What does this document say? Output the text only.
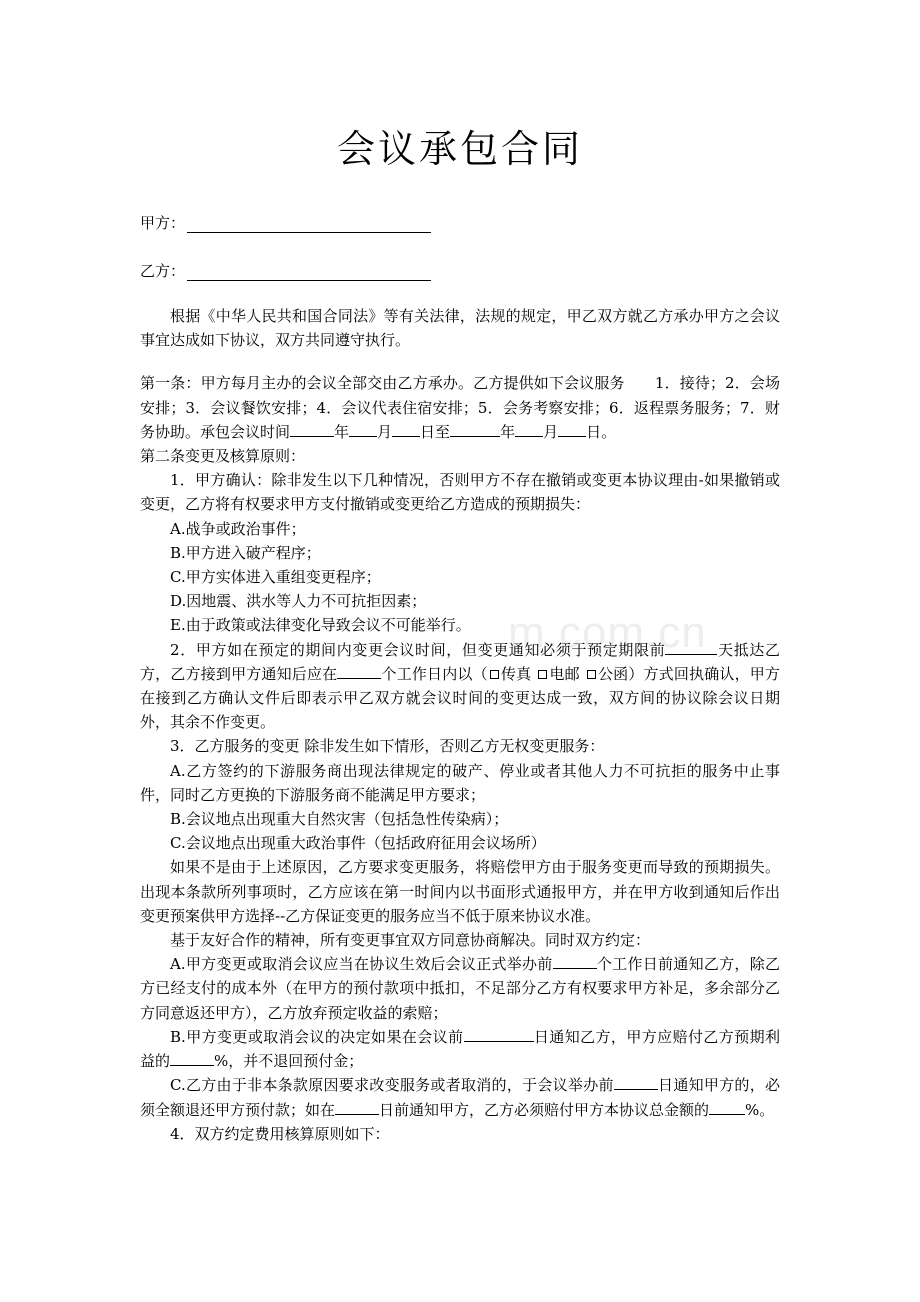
会议承包合同
甲方：
乙方：
m.com.cn

根据《中华人民共和国合同法》等有关法律，法规的规定，甲乙双方就乙方承办甲方之会议事宜达成如下协议，双方共同遵守执行。

第一条：甲方每月主办的会议全部交由乙方承办。乙方提供如下会议服务　　1．接待；2．会场安排；3．会议餐饮安排；4．会议代表住宿安排；5．会务考察安排；6．返程票务服务；7．财务协助。承包会议时间	年 月 日至	年 月 日。

第二条变更及核算原则：

1．甲方确认：除非发生以下几种情况，否则甲方不存在撤销或变更本协议理由-如果撤销或变更，乙方将有权要求甲方支付撤销或变更给乙方造成的预期损失：

A.战争或政治事件；

B.甲方进入破产程序；

C.甲方实体进入重组变更程序；

D.因地震、洪水等人力不可抗拒因素；

E.由于政策或法律变化导致会议不可能举行。

2．甲方如在预定的期间内变更会议时间，但变更通知必须于预定期限前	天抵达乙方，乙方接到甲方通知后应在	个工作日内以（ 传真 电邮 公函）方式回执确认，甲方在接到乙方确认文件后即表示甲乙双方就会议时间的变更达成一致，双方间的协议除会议日期外，其余不作变更。

3．乙方服务的变更 除非发生如下情形，否则乙方无权变更服务：

A.乙方签约的下游服务商出现法律规定的破产、停业或者其他人力不可抗拒的服务中止事件，同时乙方更换的下游服务商不能满足甲方要求；

B.会议地点出现重大自然灾害（包括急性传染病）；

C.会议地点出现重大政治事件（包括政府征用会议场所）

如果不是由于上述原因，乙方要求变更服务，将赔偿甲方由于服务变更而导致的预期损失。出现本条款所列事项时，乙方应该在第一时间内以书面形式通报甲方，并在甲方收到通知后作出变更预案供甲方选择--乙方保证变更的服务应当不低于原来协议水准。

基于友好合作的精神，所有变更事宜双方同意协商解决。同时双方约定：

A.甲方变更或取消会议应当在协议生效后会议正式举办前	个工作日前通知乙方，除乙方已经支付的成本外（在甲方的预付款项中抵扣，不足部分乙方有权要求甲方补足，多余部分乙方同意返还甲方），乙方放弃预定收益的索赔；

B.甲方变更或取消会议的决定如果在会议前	日通知乙方，甲方应赔付乙方预期利益的	%，并不退回预付金；

C.乙方由于非本条款原因要求改变服务或者取消的，于会议举办前	日通知甲方的，必须全额退还甲方预付款；如在	日前通知甲方，乙方必须赔付甲方本协议总金额的 %。

4．双方约定费用核算原则如下：
